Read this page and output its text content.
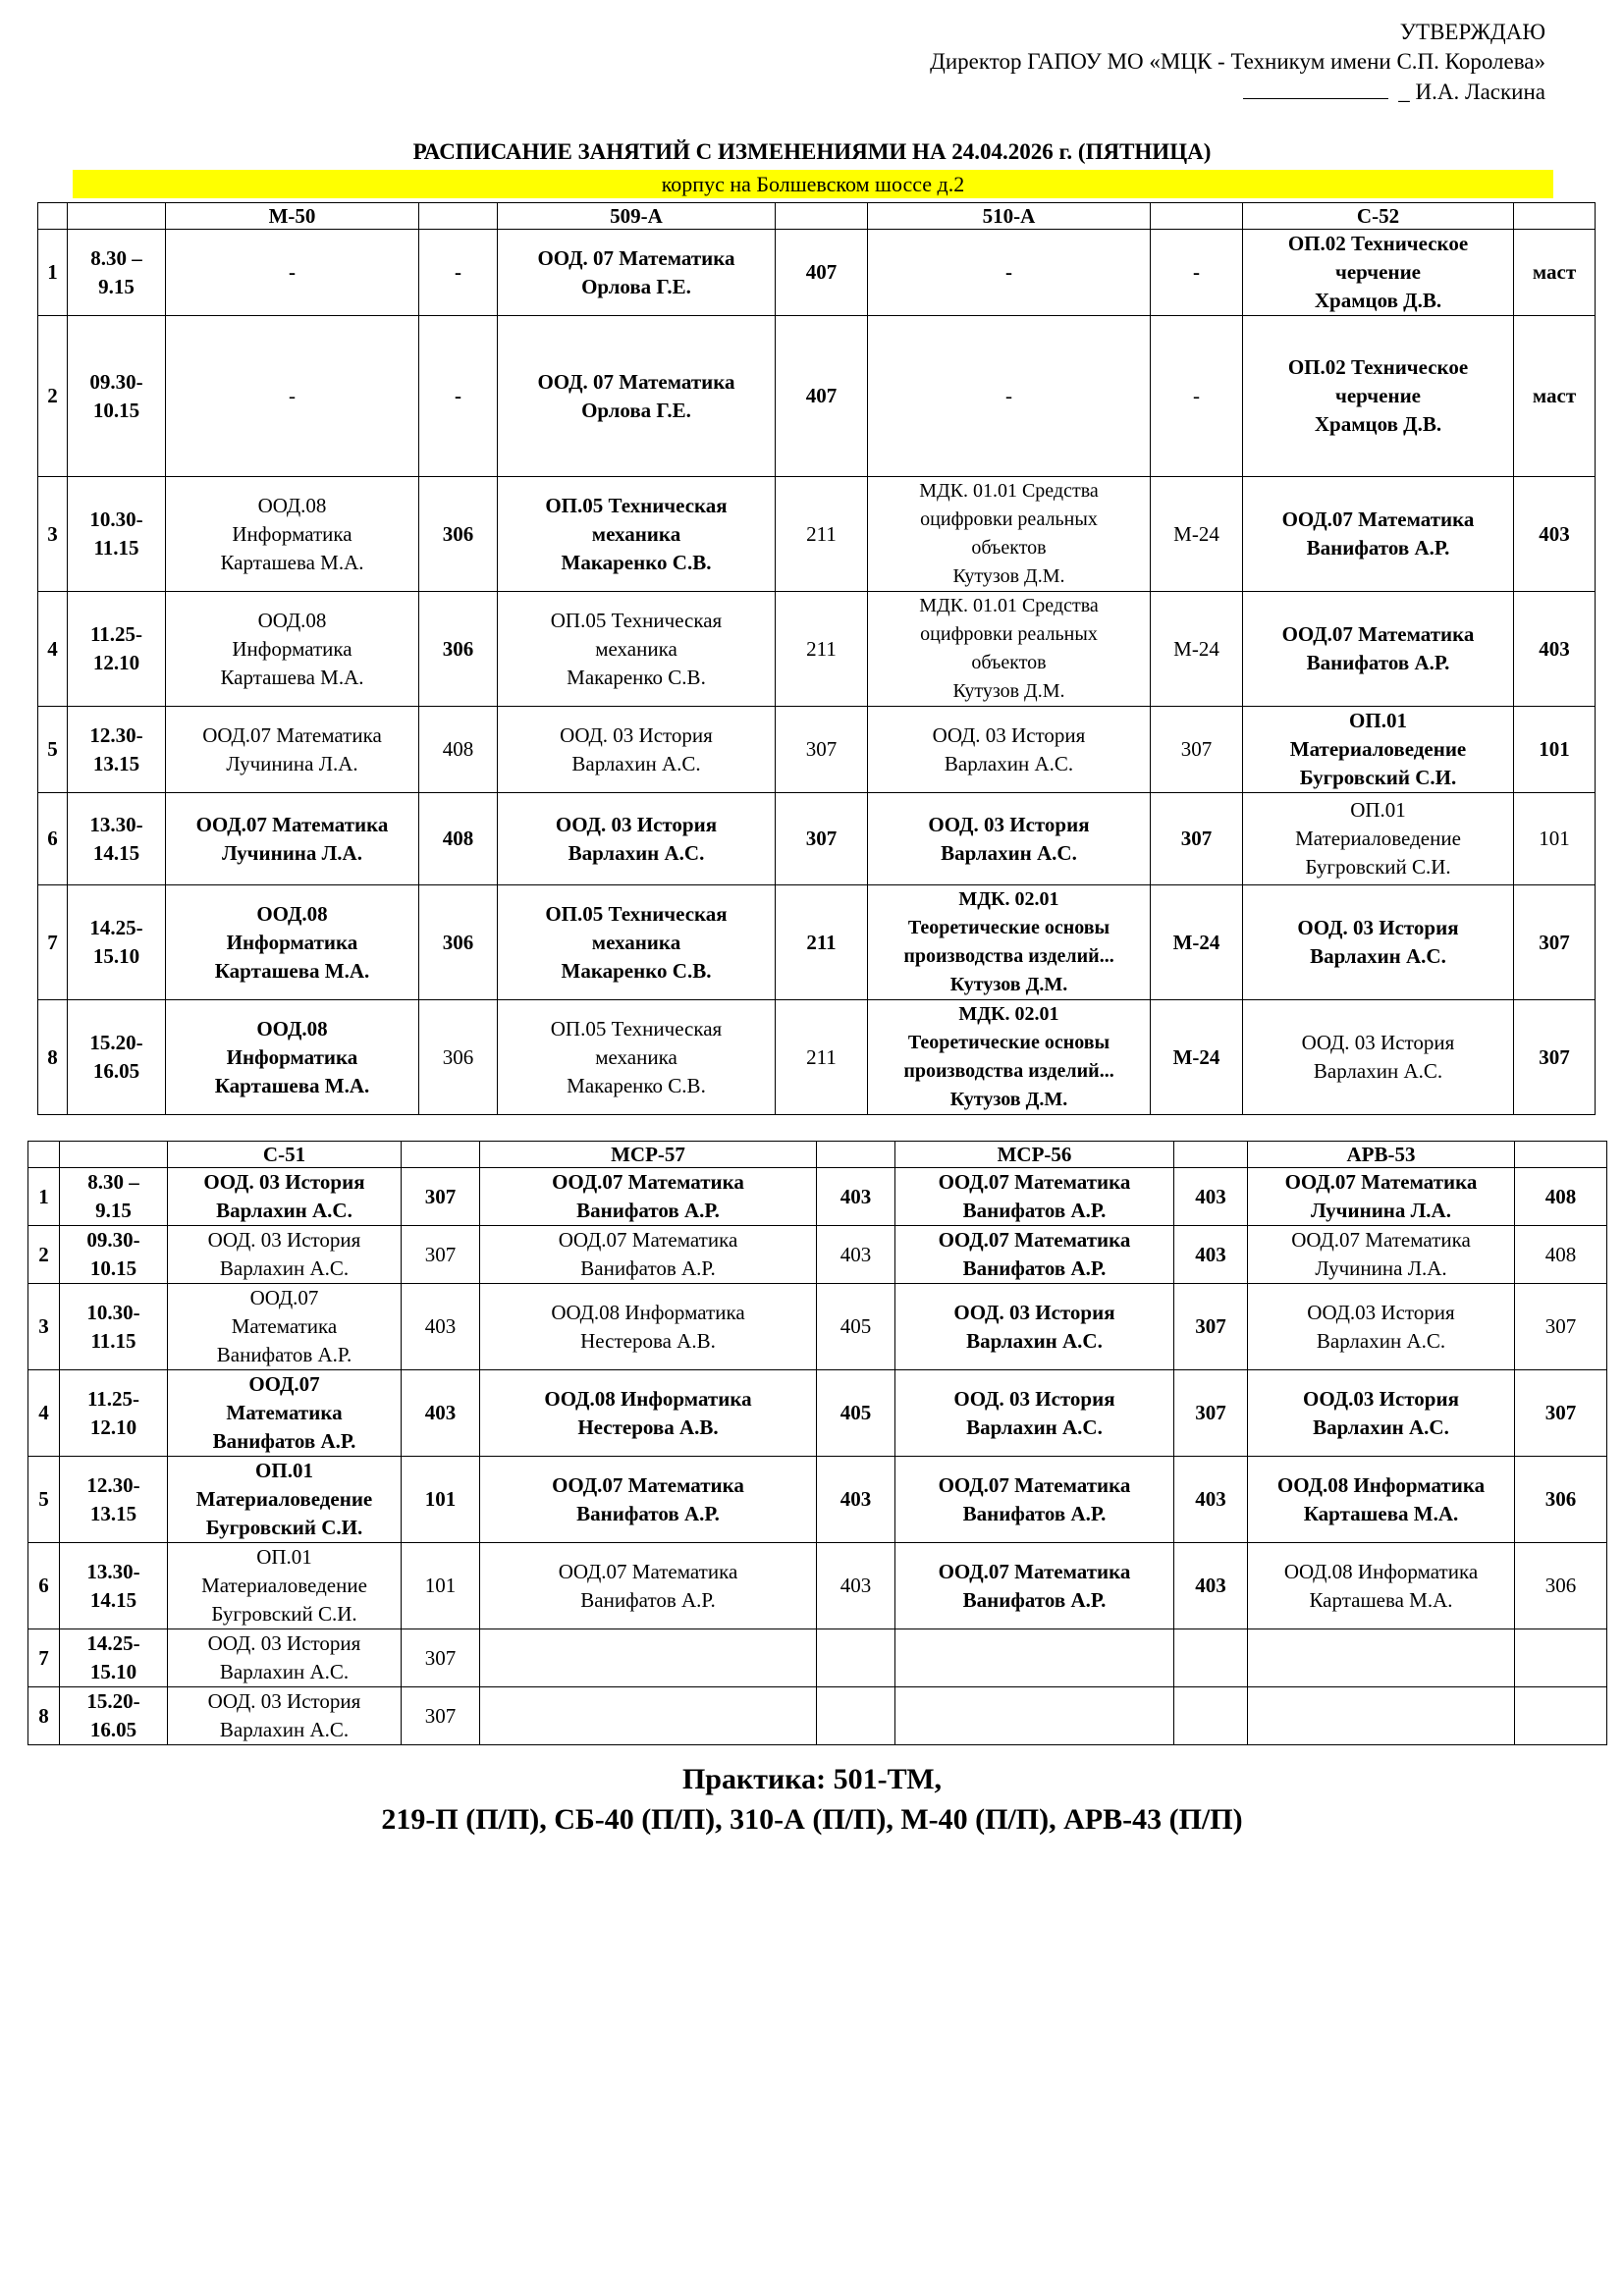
УТВЕРЖДАЮ
Директор ГАПОУ МО «МЦК - Техникум имени С.П. Королева»
_ И.А. Ласкина
РАСПИСАНИЕ ЗАНЯТИЙ С ИЗМЕНЕНИЯМИ НА 24.04.2026 г. (ПЯТНИЦА)
корпус на Болшевском шоссе д.2
		М-50		509-А		510-А		С-52	
1	8.30 –
9.15	-	-	ООД. 07 Математика
Орлова Г.Е.	407	-	-	ОП.02 Техническое
черчение
Храмцов Д.В.	маст

2	09.30-
10.15	-	-	ООД. 07 Математика
Орлова Г.Е.	407	-	-	ОП.02 Техническое
черчение
Храмцов Д.В.	маст

3	10.30-
11.15	ООД.08
Информатика
Карташева М.А.	306	ОП.05 Техническая
механика
Макаренко С.В.	211	МДК. 01.01 Средства
оцифровки реальных
объектов
Кутузов Д.М.	М-24	ООД.07 Математика
Ванифатов А.Р.	403

4	11.25-
12.10	ООД.08
Информатика
Карташева М.А.	306	ОП.05 Техническая
механика
Макаренко С.В.	211	МДК. 01.01 Средства
оцифровки реальных
объектов
Кутузов Д.М.	М-24	ООД.07 Математика
Ванифатов А.Р.	403

5	12.30-
13.15	ООД.07 Математика
Лучинина Л.А.	408	ООД. 03 История
Варлахин А.С.	307	ООД. 03 История
Варлахин А.С.	307	ОП.01
Материаловедение
Бугровский С.И.	101

6	13.30-
14.15	ООД.07 Математика
Лучинина Л.А.	408	ООД. 03 История
Варлахин А.С.	307	ООД. 03 История
Варлахин А.С.	307	ОП.01
Материаловедение
Бугровский С.И.	101

7	14.25-
15.10	ООД.08
Информатика
Карташева М.А.	306	ОП.05 Техническая
механика
Макаренко С.В.	211	МДК. 02.01
Теоретические основы
производства изделий...
Кутузов Д.М.	М-24	ООД. 03 История
Варлахин А.С.	307

8	15.20-
16.05	ООД.08
Информатика
Карташева М.А.	306	ОП.05 Техническая
механика
Макаренко С.В.	211	МДК. 02.01
Теоретические основы
производства изделий...
Кутузов Д.М.	М-24	ООД. 03 История
Варлахин А.С.	307
		С-51		МСР-57		МСР-56		АРВ-53	
1	8.30 –
9.15	ООД. 03 История
Варлахин А.С.	307	ООД.07 Математика
Ванифатов А.Р.	403	ООД.07 Математика
Ванифатов А.Р.	403	ООД.07 Математика
Лучинина Л.А.	408

2	09.30-
10.15	ООД. 03 История
Варлахин А.С.	307	ООД.07 Математика
Ванифатов А.Р.	403	ООД.07 Математика
Ванифатов А.Р.	403	ООД.07 Математика
Лучинина Л.А.	408

3	10.30-
11.15	ООД.07
Математика
Ванифатов А.Р.	403	ООД.08 Информатика
Нестерова А.В.	405	ООД. 03 История
Варлахин А.С.	307	ООД.03 История
Варлахин А.С.	307

4	11.25-
12.10	ООД.07
Математика
Ванифатов А.Р.	403	ООД.08 Информатика
Нестерова А.В.	405	ООД. 03 История
Варлахин А.С.	307	ООД.03 История
Варлахин А.С.	307

5	12.30-
13.15	ОП.01
Материаловедение
Бугровский С.И.	101	ООД.07 Математика
Ванифатов А.Р.	403	ООД.07 Математика
Ванифатов А.Р.	403	ООД.08 Информатика
Карташева М.А.	306

6	13.30-
14.15	ОП.01
Материаловедение
Бугровский С.И.	101	ООД.07 Математика
Ванифатов А.Р.	403	ООД.07 Математика
Ванифатов А.Р.	403	ООД.08 Информатика
Карташева М.А.	306

7	14.25-
15.10	ООД. 03 История
Варлахин А.С.	307						

8	15.20-
16.05	ООД. 03 История
Варлахин А.С.	307						

Практика: 501-ТМ,
219-П (П/П), СБ-40 (П/П), 310-А (П/П), М-40 (П/П), АРВ-43 (П/П)
